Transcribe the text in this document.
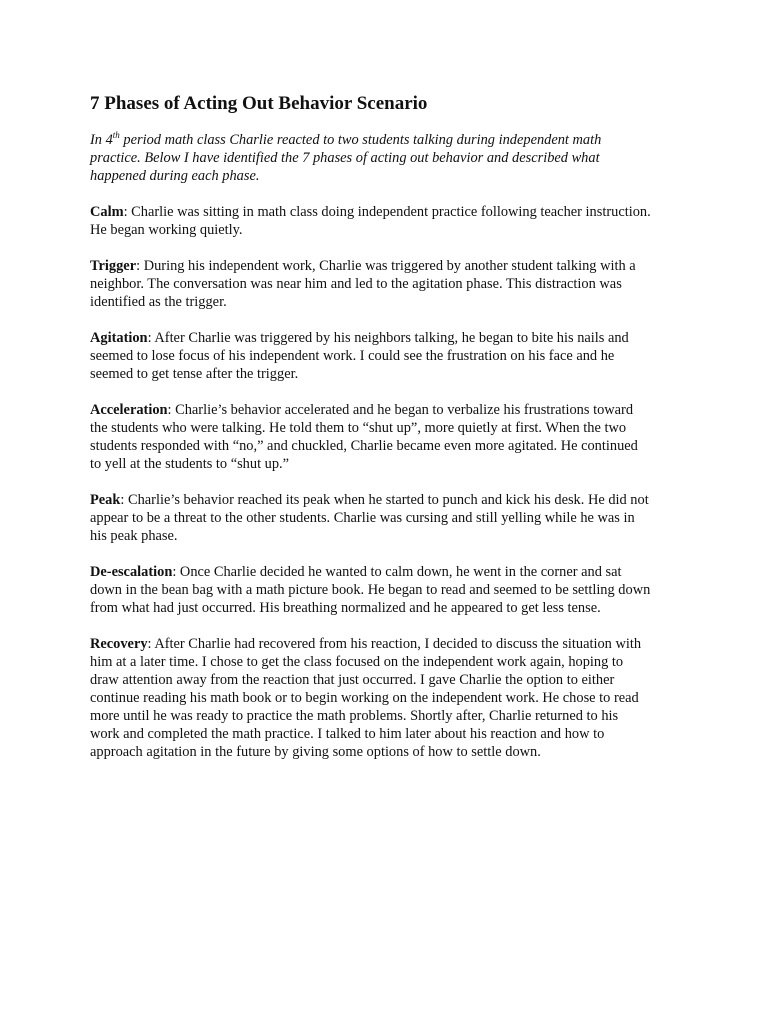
7 Phases of Acting Out Behavior Scenario

In 4th period math class Charlie reacted to two students talking during independent math
practice. Below I have identified the 7 phases of acting out behavior and described what
happened during each phase.

Calm: Charlie was sitting in math class doing independent practice following teacher instruction.
He began working quietly.

Trigger: During his independent work, Charlie was triggered by another student talking with a
neighbor. The conversation was near him and led to the agitation phase. This distraction was
identified as the trigger.

Agitation: After Charlie was triggered by his neighbors talking, he began to bite his nails and
seemed to lose focus of his independent work. I could see the frustration on his face and he
seemed to get tense after the trigger.

Acceleration: Charlie’s behavior accelerated and he began to verbalize his frustrations toward
the students who were talking. He told them to “shut up”, more quietly at first. When the two
students responded with “no,” and chuckled, Charlie became even more agitated. He continued
to yell at the students to “shut up.”

Peak: Charlie’s behavior reached its peak when he started to punch and kick his desk. He did not
appear to be a threat to the other students. Charlie was cursing and still yelling while he was in
his peak phase.

De-escalation: Once Charlie decided he wanted to calm down, he went in the corner and sat
down in the bean bag with a math picture book. He began to read and seemed to be settling down
from what had just occurred. His breathing normalized and he appeared to get less tense.

Recovery: After Charlie had recovered from his reaction, I decided to discuss the situation with
him at a later time. I chose to get the class focused on the independent work again, hoping to
draw attention away from the reaction that just occurred. I gave Charlie the option to either
continue reading his math book or to begin working on the independent work. He chose to read
more until he was ready to practice the math problems. Shortly after, Charlie returned to his
work and completed the math practice. I talked to him later about his reaction and how to
approach agitation in the future by giving some options of how to settle down.
